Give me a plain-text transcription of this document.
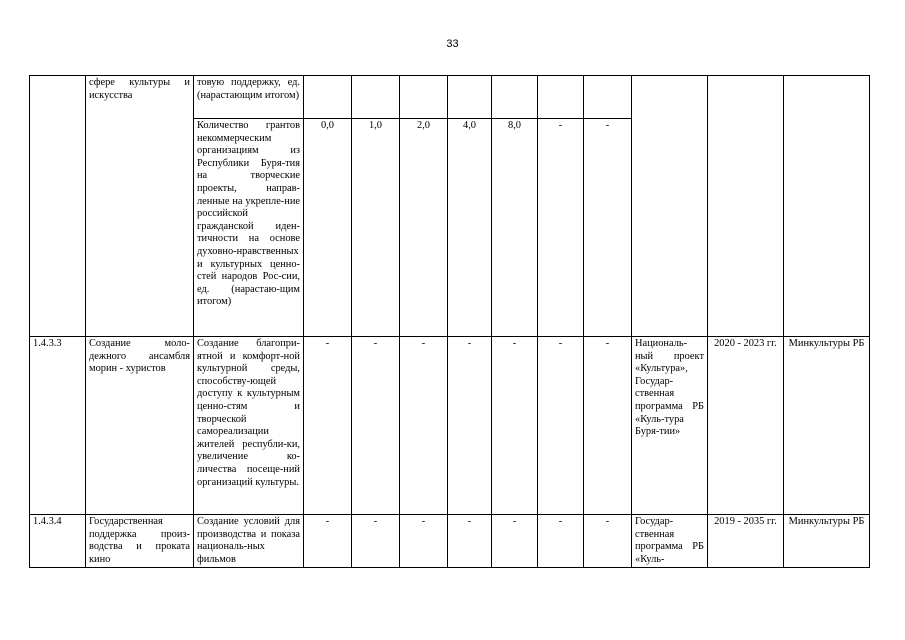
33
	сфере культуры и искусства	товую поддержку, ед. (нарастающим итогом)										
		Количество грантов некоммерческим организациям из Республики Буря-тия на творческие проекты, направ-ленные на укрепле-ние российской гражданской иден-тичности на основе духовно-нравственных и культурных ценно-стей народов Рос-сии, ед. (нарастаю-щим итогом)	0,0	1,0	2,0	4,0	8,0	-	-			
1.4.3.3	Создание моло-дежного ансамбля морин - хуристов	Создание благопри-ятной и комфорт-ной культурной среды, способству-ющей доступу к культурным ценно-стям и творческой самореализации жителей республи-ки, увеличение ко-личества посеще-ний организаций культуры.	-	-	-	-	-	-	-	Националь-ный проект «Культура», Государ-ственная программа РБ «Куль-тура Буря-тии»	2020 - 2023 гг.	Минкультуры РБ
1.4.3.4	Государственная поддержка произ-водства и проката кино	Создание условий для производства и показа националь-ных фильмов	-	-	-	-	-	-	-	Государ-ственная программа РБ «Куль-	2019 - 2035 гг.	Минкультуры РБ
